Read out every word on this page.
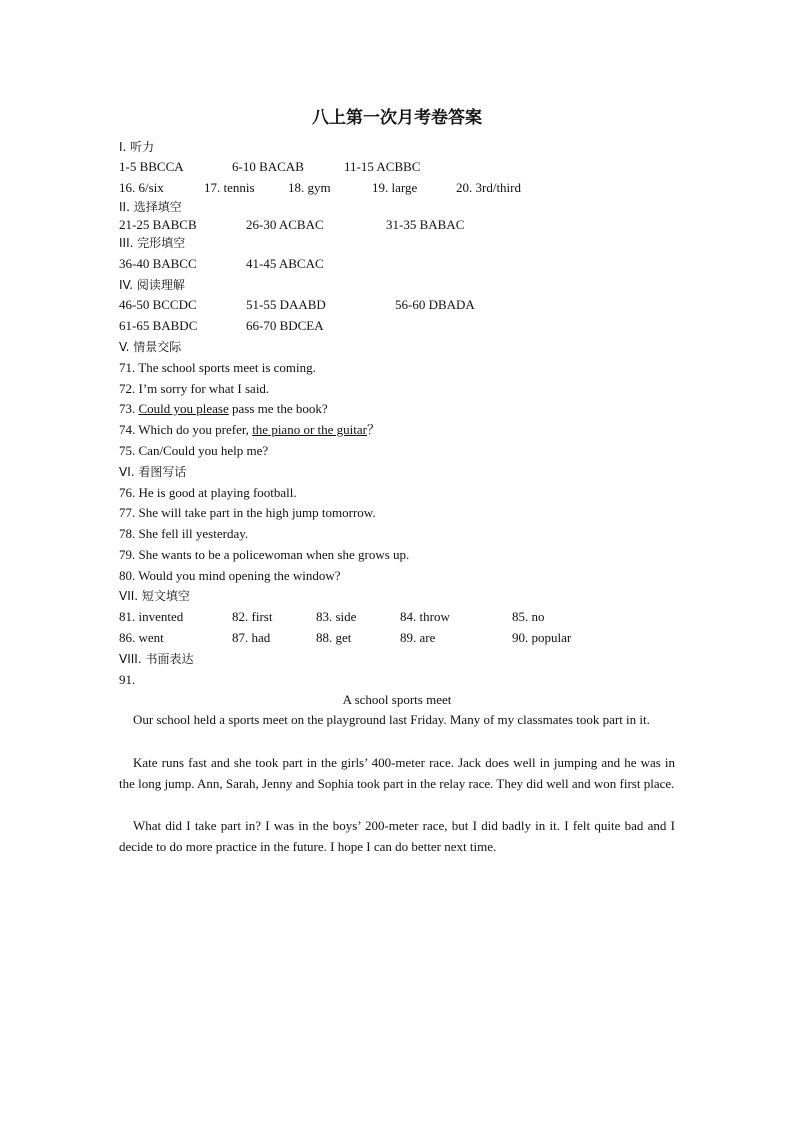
八上第一次月考卷答案
I. 听力
1-5 BBCCA	6-10 BACAB	11-15 ACBBC
16. 6/six	17. tennis	18. gym	19. large	20. 3rd/third
II. 选择填空
21-25 BABCB	26-30 ACBAC	31-35 BABAC
III. 完形填空
36-40 BABCC	41-45 ABCAC
IV. 阅读理解
46-50 BCCDC	51-55 DAABD	56-60 DBADA
61-65 BABDC	66-70 BDCEA
V. 情景交际
71. The school sports meet is coming.
72. I’m sorry for what I said.
73. Could you please pass me the book?
74. Which do you prefer, the piano or the guitar？
75. Can/Could you help me?
VI. 看图写话
76. He is good at playing football.
77. She will take part in the high jump tomorrow.
78. She fell ill yesterday.
79. She wants to be a policewoman when she grows up.
80. Would you mind opening the window?
VII. 短文填空
81. invented	82. first	83. side	84. throw	85. no
86. went	87. had	88. get	89. are	90. popular
VIII. 书面表达
91.
A school sports meet
Our school held a sports meet on the playground last Friday. Many of my classmates took part in it.
Kate runs fast and she took part in the girls’ 400-meter race. Jack does well in jumping and he was in the long jump. Ann, Sarah, Jenny and Sophia took part in the relay race. They did well and won first place.
What did I take part in? I was in the boys’ 200-meter race, but I did badly in it. I felt quite bad and I decide to do more practice in the future. I hope I can do better next time.
